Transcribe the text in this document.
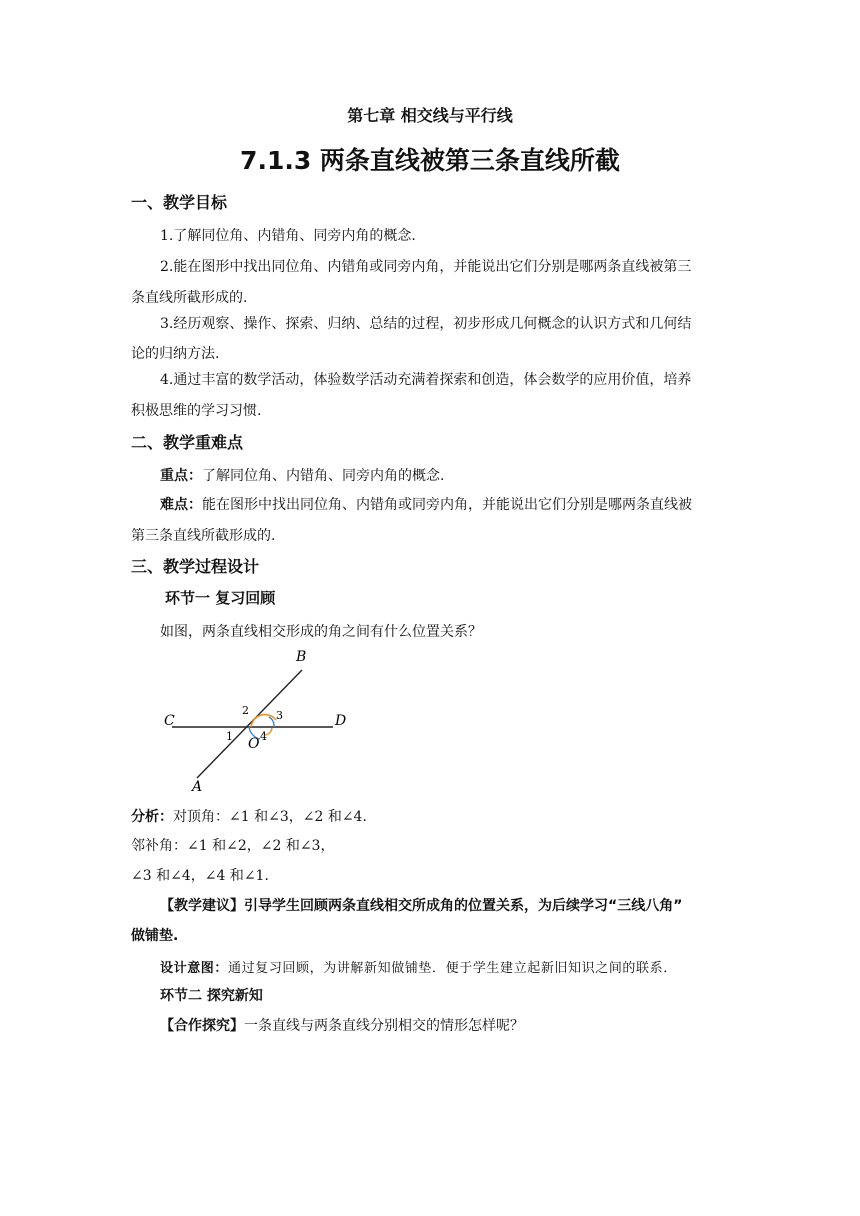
第七章 相交线与平行线
7.1.3 两条直线被第三条直线所截
一、教学目标
1.了解同位角、内错角、同旁内角的概念.
2.能在图形中找出同位角、内错角或同旁内角，并能说出它们分别是哪两条直线被第三
条直线所截形成的.
3.经历观察、操作、探索、归纳、总结的过程，初步形成几何概念的认识方式和几何结
论的归纳方法.
4.通过丰富的数学活动，体验数学活动充满着探索和创造，体会数学的应用价值，培养
积极思维的学习习惯.
二、教学重难点
重点：了解同位角、内错角、同旁内角的概念.
难点：能在图形中找出同位角、内错角或同旁内角，并能说出它们分别是哪两条直线被
第三条直线所截形成的.
三、教学过程设计
环节一 复习回顾
如图，两条直线相交形成的角之间有什么位置关系？
B
C	D
A
O
2 3
1 4
分析：对顶角：∠1 和∠3，∠2 和∠4．
邻补角：∠1 和∠2，∠2 和∠3，
∠3 和∠4，∠4 和∠1．
【教学建议】引导学生回顾两条直线相交所成角的位置关系，为后续学习“三线八角”
做铺垫.
设计意图：通过复习回顾，为讲解新知做铺垫．便于学生建立起新旧知识之间的联系．
环节二 探究新知
【合作探究】一条直线与两条直线分别相交的情形怎样呢？
